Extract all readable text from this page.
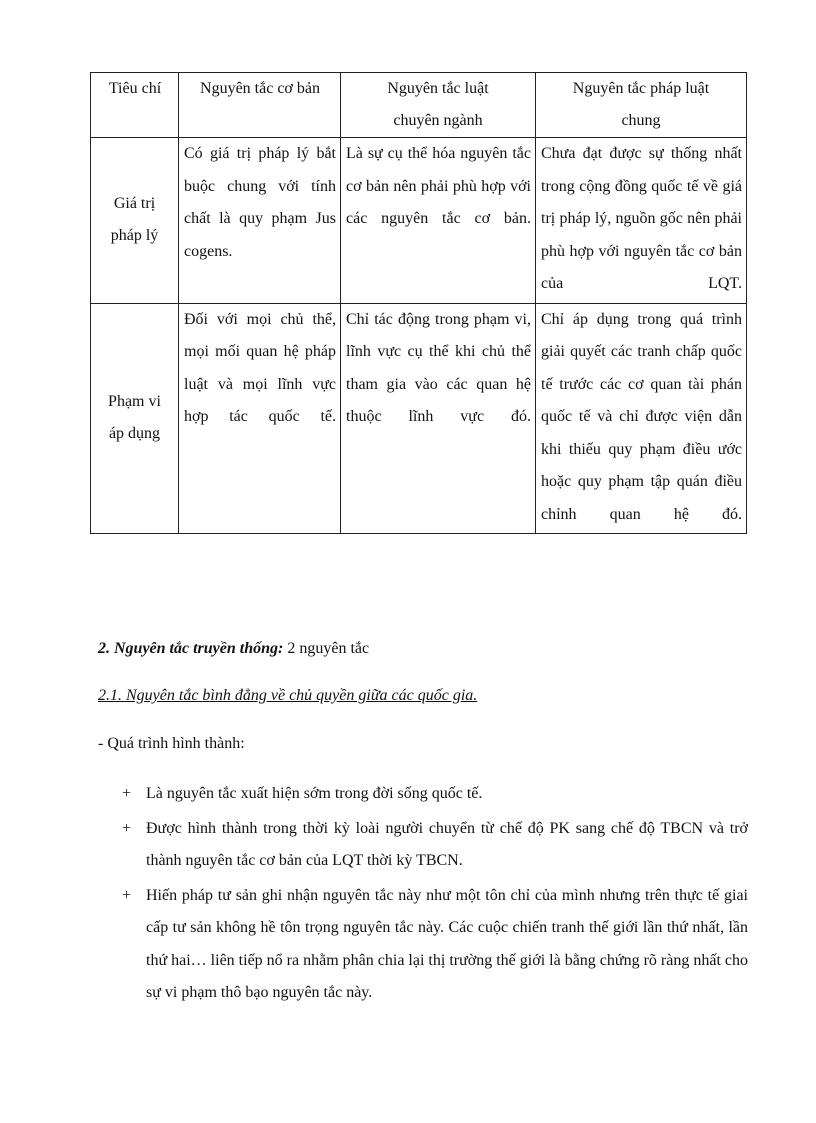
Tiêu chí	Nguyên tắc cơ bản	Nguyên tắc luật chuyên ngành	Nguyên tắc pháp luật chung
Giá trị pháp lý	Có giá trị pháp lý bắt buộc chung với tính chất là quy phạm Jus cogens.	Là sự cụ thể hóa nguyên tắc cơ bản nên phải phù hợp với các nguyên tắc cơ bản.	Chưa đạt được sự thống nhất trong cộng đồng quốc tế về giá trị pháp lý, nguồn gốc nên phải phù hợp với nguyên tắc cơ bản của LQT.
Phạm vi áp dụng	Đối với mọi chủ thể, mọi mối quan hệ pháp luật và mọi lĩnh vực hợp tác quốc tế.	Chỉ tác động trong phạm vi, lĩnh vực cụ thể khi chủ thể tham gia vào các quan hệ thuộc lĩnh vực đó.	Chỉ áp dụng trong quá trình giải quyết các tranh chấp quốc tế trước các cơ quan tài phán quốc tế và chỉ được viện dẫn khi thiếu quy phạm điều ước hoặc quy phạm tập quán điều chỉnh quan hệ đó.
2. Nguyên tắc truyền thống: 2 nguyên tắc
2.1. Nguyên tắc bình đẳng về chủ quyền giữa các quốc gia.
- Quá trình hình thành:
+ Là nguyên tắc xuất hiện sớm trong đời sống quốc tế.
+ Được hình thành trong thời kỳ loài người chuyển từ chế độ PK sang chế độ TBCN và trở thành nguyên tắc cơ bản của LQT thời kỳ TBCN.
+ Hiến pháp tư sản ghi nhận nguyên tắc này như một tôn chỉ của mình nhưng trên thực tế giai cấp tư sản không hề tôn trọng nguyên tắc này. Các cuộc chiến tranh thế giới lần thứ nhất, lần thứ hai… liên tiếp nổ ra nhằm phân chia lại thị trường thế giới là bằng chứng rõ ràng nhất cho sự vi phạm thô bạo nguyên tắc này.
